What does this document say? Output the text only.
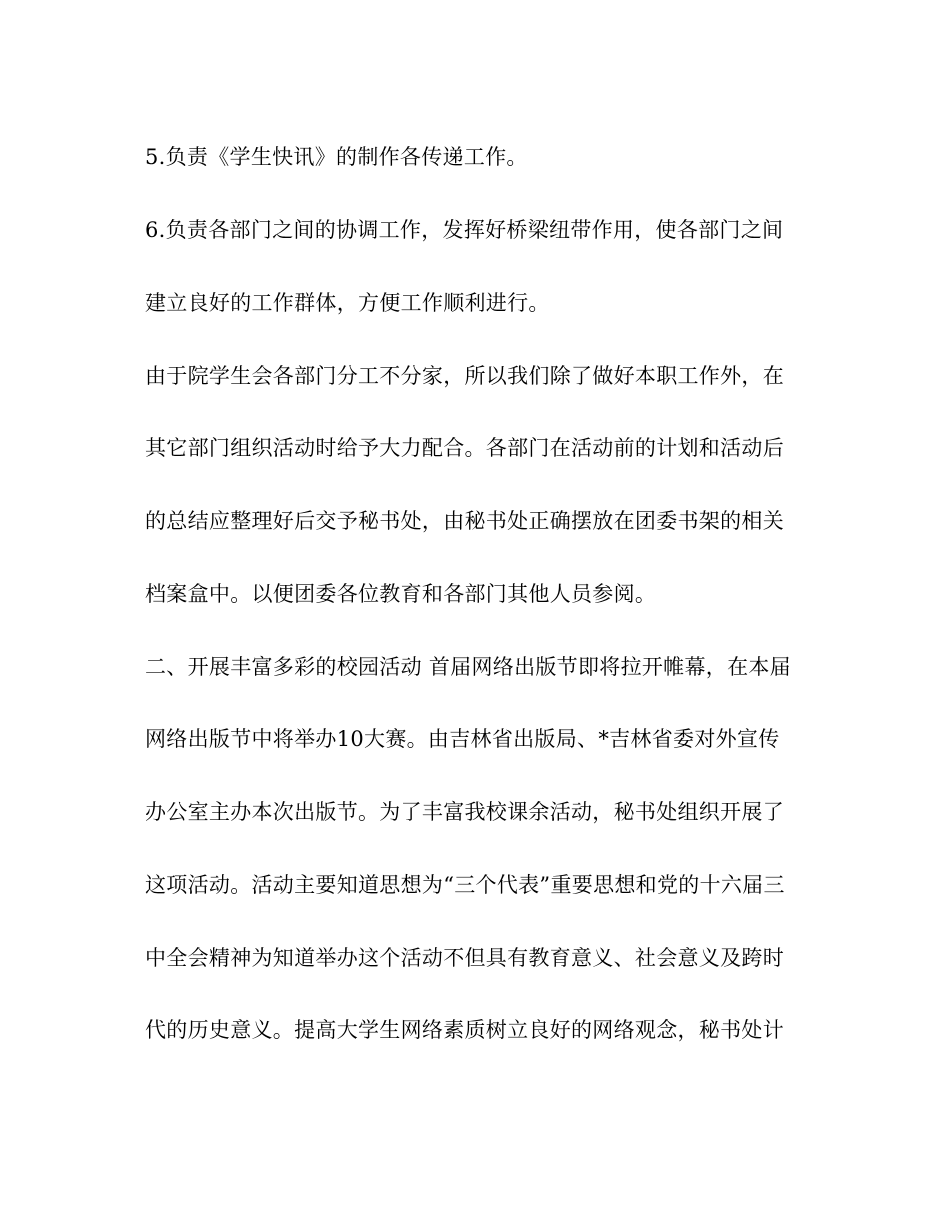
5.负责《学生快讯》的制作各传递工作。
6.负责各部门之间的协调工作，发挥好桥梁纽带作用，使各部门之间
建立良好的工作群体，方便工作顺利进行。
由于院学生会各部门分工不分家，所以我们除了做好本职工作外，在
其它部门组织活动时给予大力配合。各部门在活动前的计划和活动后
的总结应整理好后交予秘书处，由秘书处正确摆放在团委书架的相关
档案盒中。以便团委各位教育和各部门其他人员参阅。
二、开展丰富多彩的校园活动 首届网络出版节即将拉开帷幕，在本届
网络出版节中将举办10大赛。由吉林省出版局、*吉林省委对外宣传
办公室主办本次出版节。为了丰富我校课余活动，秘书处组织开展了
这项活动。活动主要知道思想为“三个代表”重要思想和党的十六届三
中全会精神为知道举办这个活动不但具有教育意义、社会意义及跨时
代的历史意义。提高大学生网络素质树立良好的网络观念，秘书处计
